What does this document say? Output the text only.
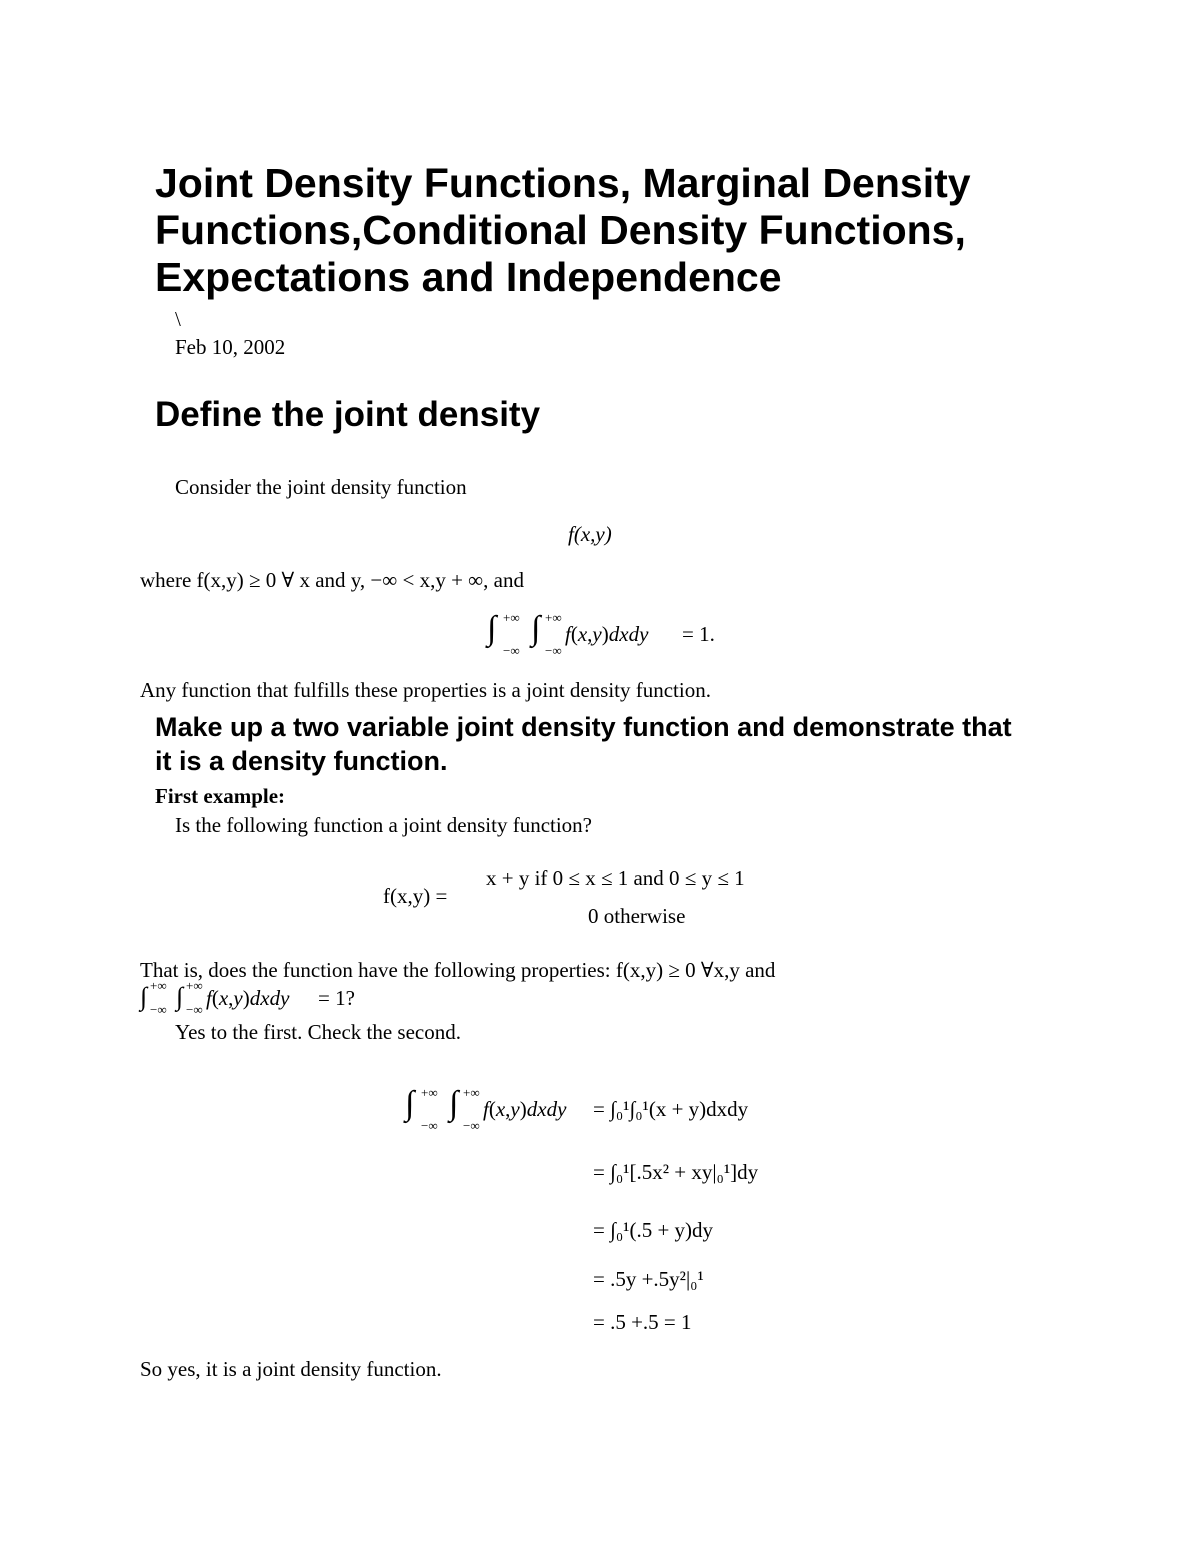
Joint Density Functions, Marginal Density
Functions,Conditional Density Functions,
Expectations and Independence
\
Feb 10, 2002
Define the joint density
Consider the joint density function
f(x,y)
where f(x,y) ≥ 0 ∀ x and y, −∞ < x,y + ∞, and
∫ +∞
−∞
∫ +∞
−∞
f(x,y)dxdy = 1.
Any function that fulfills these properties is a joint density function.
Make up a two variable joint density function and demonstrate that
it is a density function.
First example:
Is the following function a joint density function?
f(x,y) =
x + y if 0 ≤ x ≤ 1 and 0 ≤ y ≤ 1
0 otherwise
That is, does the function have the following properties: f(x,y) ≥ 0 ∀x,y and
∫ +∞
−∞ ∫ +∞
−∞ f(x,y)dxdy = 1?
Yes to the first. Check the second.
∫ +∞
−∞
∫ +∞
−∞
f(x,y)dxdy = ∫₀¹∫₀¹(x + y)dxdy
= ∫₀¹[.5x² + xy|₀¹]dy
= ∫₀¹(.5 + y)dy
= .5y +.5y²|₀¹
= .5 +.5 = 1
So yes, it is a joint density function.
